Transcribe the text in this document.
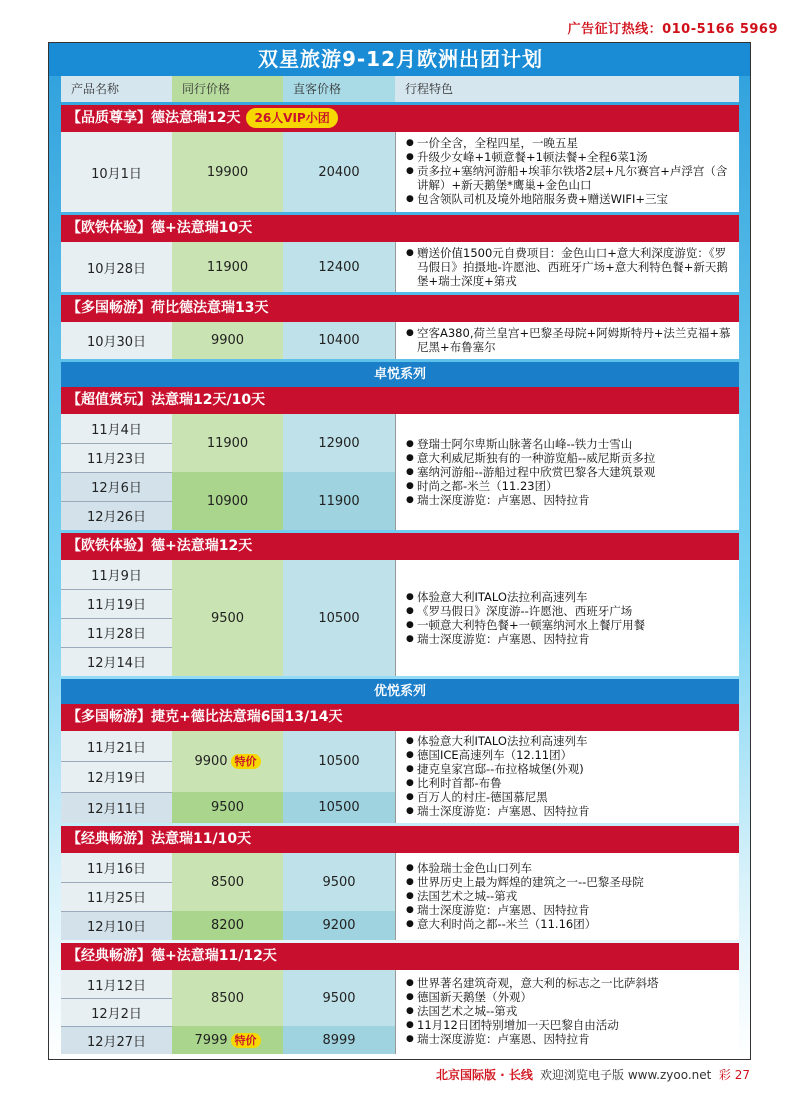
广告征订热线：010-5166 5969
双星旅游9-12月欧洲出团计划
产品名称	同行价格	直客价格	行程特色
【品质尊享】德法意瑞12天 26人VIP小团
10月1日	19900	20400
● 一价全含，全程四星，一晚五星
● 升级少女峰+1顿意餐+1顿法餐+全程6菜1汤
● 贡多拉+塞纳河游船+埃菲尔铁塔2层+凡尔赛宫+卢浮宫（含讲解）+新天鹅堡*鹰巢+金色山口
● 包含领队司机及境外地陪服务费+赠送WIFI+三宝
【欧铁体验】德+法意瑞10天
10月28日	11900	12400
● 赠送价值1500元自费项目：金色山口+意大利深度游览：《罗马假日》拍摄地-许愿池、西班牙广场+意大利特色餐+新天鹅堡+瑞士深度+第戎
【多国畅游】荷比德法意瑞13天
10月30日	9900	10400
●	空客A380,荷兰皇宫+巴黎圣母院+阿姆斯特丹+法兰克福+慕尼黑+布鲁塞尔
卓悦系列
【超值赏玩】法意瑞12天/10天
11月4日
11月23日
12月6日
12月26日
11900
10900
12900
11900
● 登瑞士阿尔卑斯山脉著名山峰--铁力士雪山
● 意大利威尼斯独有的一种游览船--威尼斯贡多拉
● 塞纳河游船--游船过程中欣赏巴黎各大建筑景观
● 时尚之都-米兰（11.23团）
● 瑞士深度游览：卢塞恩、因特拉肯
【欧铁体验】德+法意瑞12天
11月9日
11月19日
11月28日
12月14日
9500	10500
● 体验意大利ITALO法拉利高速列车
● 《罗马假日》深度游--许愿池、西班牙广场
● 一顿意大利特色餐+一顿塞纳河水上餐厅用餐
● 瑞士深度游览：卢塞恩、因特拉肯
优悦系列
【多国畅游】捷克+德比法意瑞6国13/14天
11月21日
12月19日
12月11日
9900 特价
9500
10500
10500
● 体验意大利ITALO法拉利高速列车
● 德国ICE高速列车（12.11团）
● 捷克皇家宫邸--布拉格城堡(外观)
● 比利时首都-布鲁
● 百万人的村庄-德国慕尼黑
● 瑞士深度游览：卢塞恩、因特拉肯
【经典畅游】法意瑞11/10天
11月16日
11月25日
12月10日
8500
8200
9500
9200
● 体验瑞士金色山口列车
● 世界历史上最为辉煌的建筑之一--巴黎圣母院
● 法国艺术之城--第戎
● 瑞士深度游览：卢塞恩、因特拉肯
● 意大利时尚之都--米兰（11.16团）
【经典畅游】德+法意瑞11/12天
11月12日
12月2日
12月27日
8500
7999 特价
9500
8999
● 世界著名建筑奇观，意大利的标志之一比萨斜塔
● 德国新天鹅堡（外观）
● 法国艺术之城--第戎
● 11月12日团特别增加一天巴黎自由活动
● 瑞士深度游览：卢塞恩、因特拉肯
北京国际版 · 长线 欢迎浏览电子版 www.zyoo.net 彩 27
